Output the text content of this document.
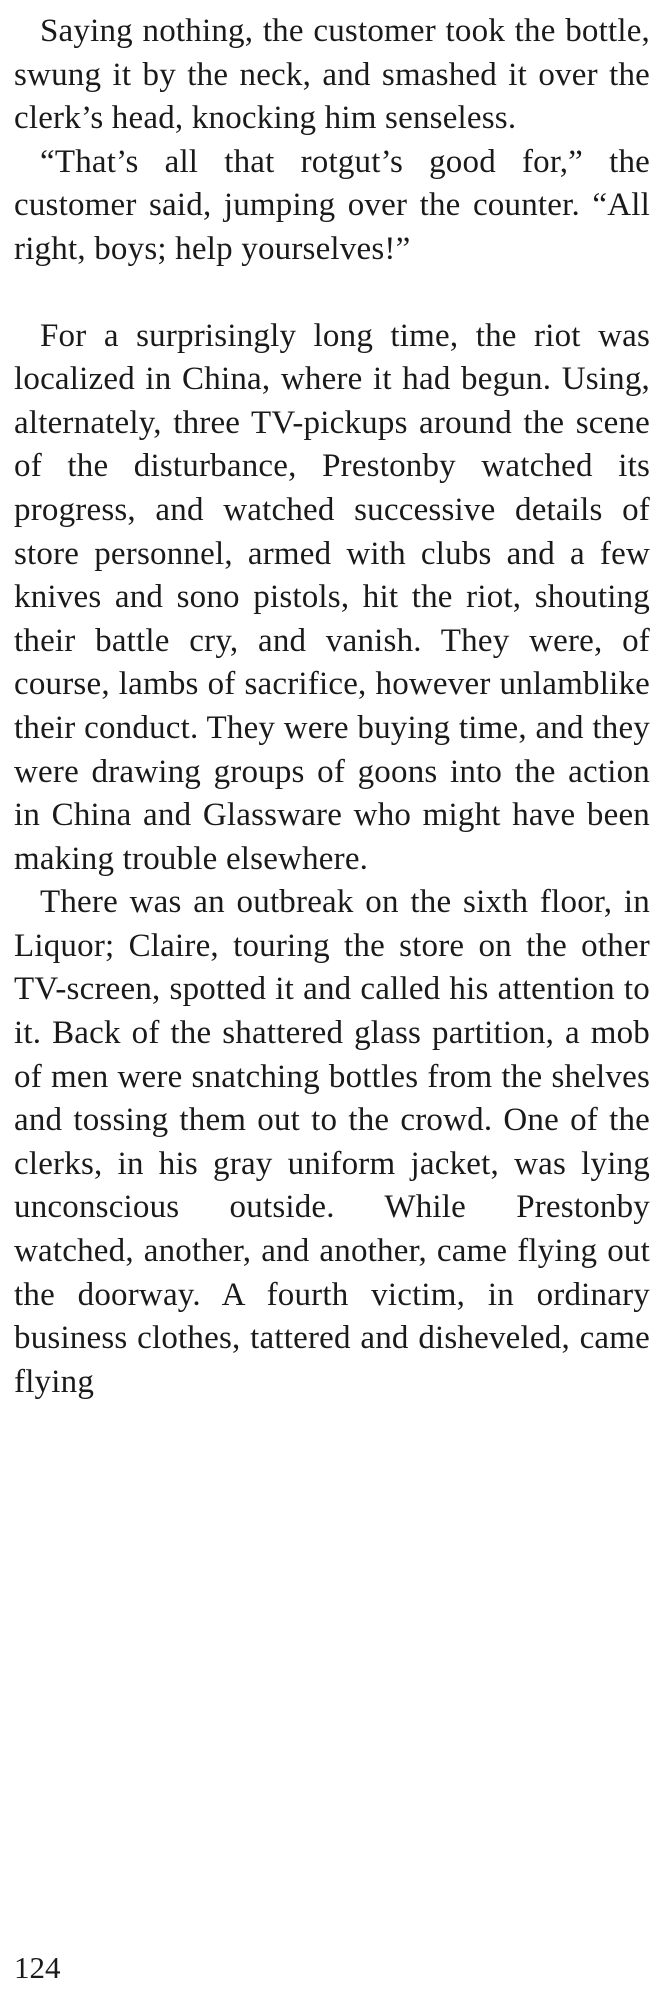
Saying nothing, the customer took the bottle, swung it by the neck, and smashed it over the clerk’s head, knocking him senseless.

“That’s all that rotgut’s good for,” the customer said, jumping over the counter. “All right, boys; help yourselves!”

For a surprisingly long time, the riot was localized in China, where it had begun. Using, alternately, three TV-pickups around the scene of the disturbance, Prestonby watched its progress, and watched successive details of store personnel, armed with clubs and a few knives and sono pistols, hit the riot, shouting their battle cry, and vanish. They were, of course, lambs of sacrifice, however unlamblike their conduct. They were buying time, and they were drawing groups of goons into the action in China and Glassware who might have been making trouble elsewhere.

There was an outbreak on the sixth floor, in Liquor; Claire, touring the store on the other TV-screen, spotted it and called his attention to it. Back of the shattered glass partition, a mob of men were snatching bottles from the shelves and tossing them out to the crowd. One of the clerks, in his gray uniform jacket, was lying unconscious outside. While Prestonby watched, another, and another, came flying out the doorway. A fourth victim, in ordinary business clothes, tattered and disheveled, came flying

124
